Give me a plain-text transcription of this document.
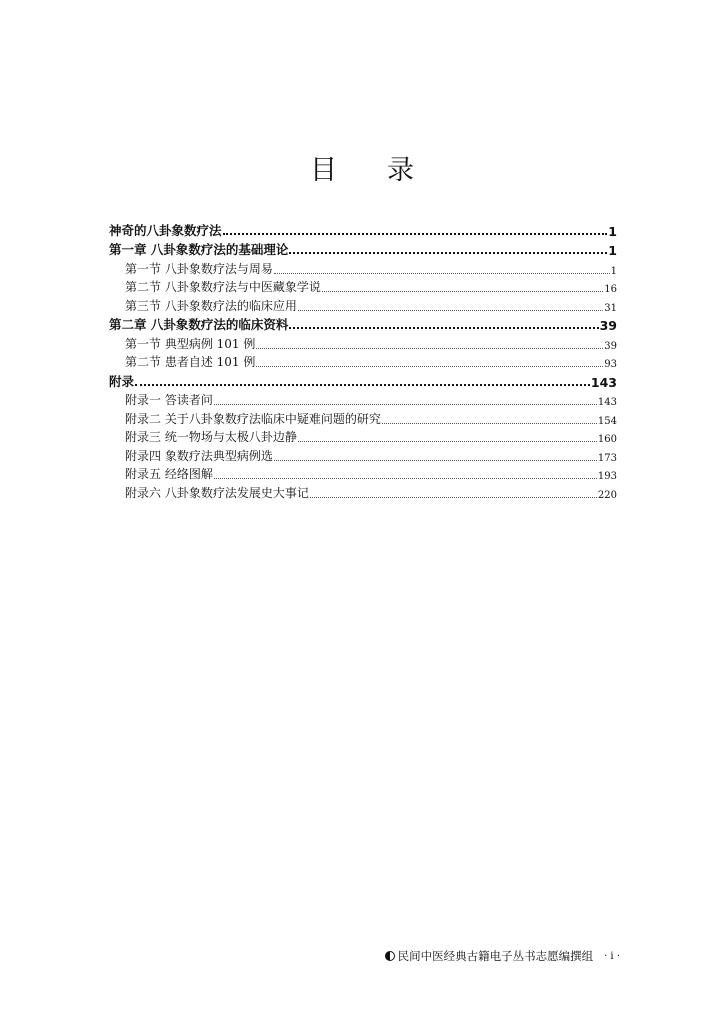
目 录
神奇的八卦象数疗法	1
第一章 八卦象数疗法的基础理论	1
第一节 八卦象数疗法与周易	1
第二节 八卦象数疗法与中医藏象学说	16
第三节 八卦象数疗法的临床应用	31
第二章 八卦象数疗法的临床资料	39
第一节 典型病例 101 例	39
第二节 患者自述 101 例	93
附录	143
附录一 答读者问	143
附录二 关于八卦象数疗法临床中疑难问题的研究	154
附录三 统一物场与太极八卦边静	160
附录四 象数疗法典型病例选	173
附录五 经络图解	193
附录六 八卦象数疗法发展史大事记	220
民间中医经典古籍电子丛书志愿编撰组 · i ·
